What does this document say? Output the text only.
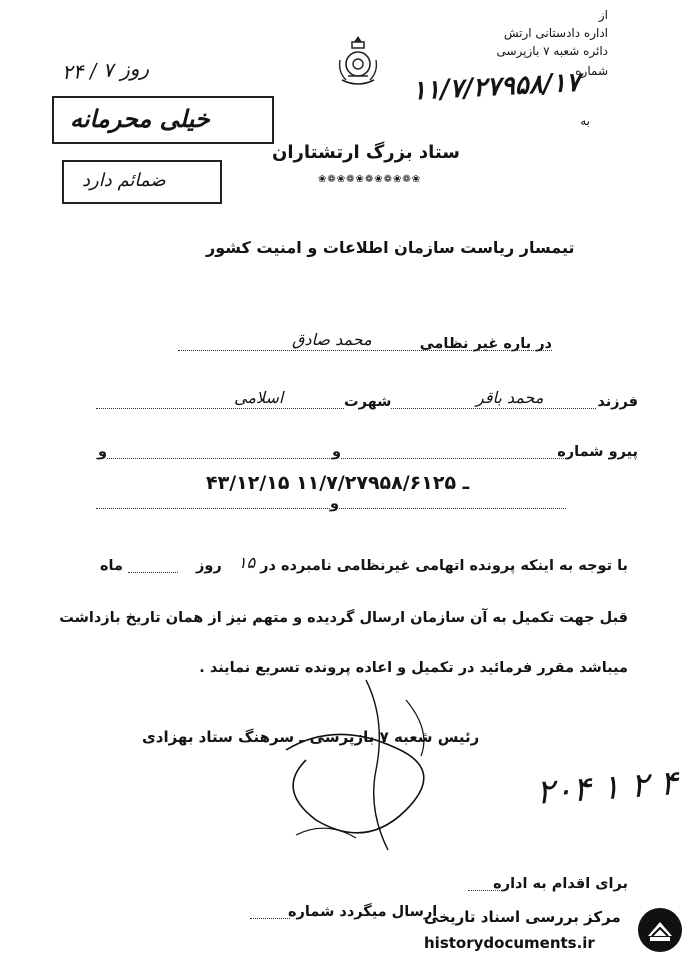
از
اداره دادستانی ارتش
دائره شعبه ۷ بازپرسی
شماره
به
۱۱/۷/۲۷۹۵۸/۱۷
روز ۷ / ۲۴
خیلی محرمانه
ضمائم دارد
ستاد بزرگ ارتشتاران
❀❁❀❁❀❁❀❁❀❁❀
تیمسار ریاست سازمان اطلاعات و امنیت کشور
در باره غیر نظامی
محمد صادق
فرزند
محمد باقر
شهرت
اسلامی
پیرو شماره
و	و
۴۳/۱۲/۱۵ ـ ۱۱/۷/۲۷۹۵۸/۶۱۲۵
و
با توجه به اینکه پرونده اتهامی غیرنظامی نامبرده در
۱۵
روز
ماه
قبل جهت تکمیل به آن سازمان ارسال گردیده و متهم نیز از همان تاریخ بازداشت
میباشد مقرر فرمائید در تکمیل و اعاده پرونده تسریع نمایند .
رئیس شعبه ۷ بازپرسی ـ سرهنگ ستاد بهزادی
۲۰۴ ۱ ۲ ۴
برای اقدام به اداره
ارسال میگردد شماره
مرکز بررسی اسناد تاریخی
historydocuments.ir
